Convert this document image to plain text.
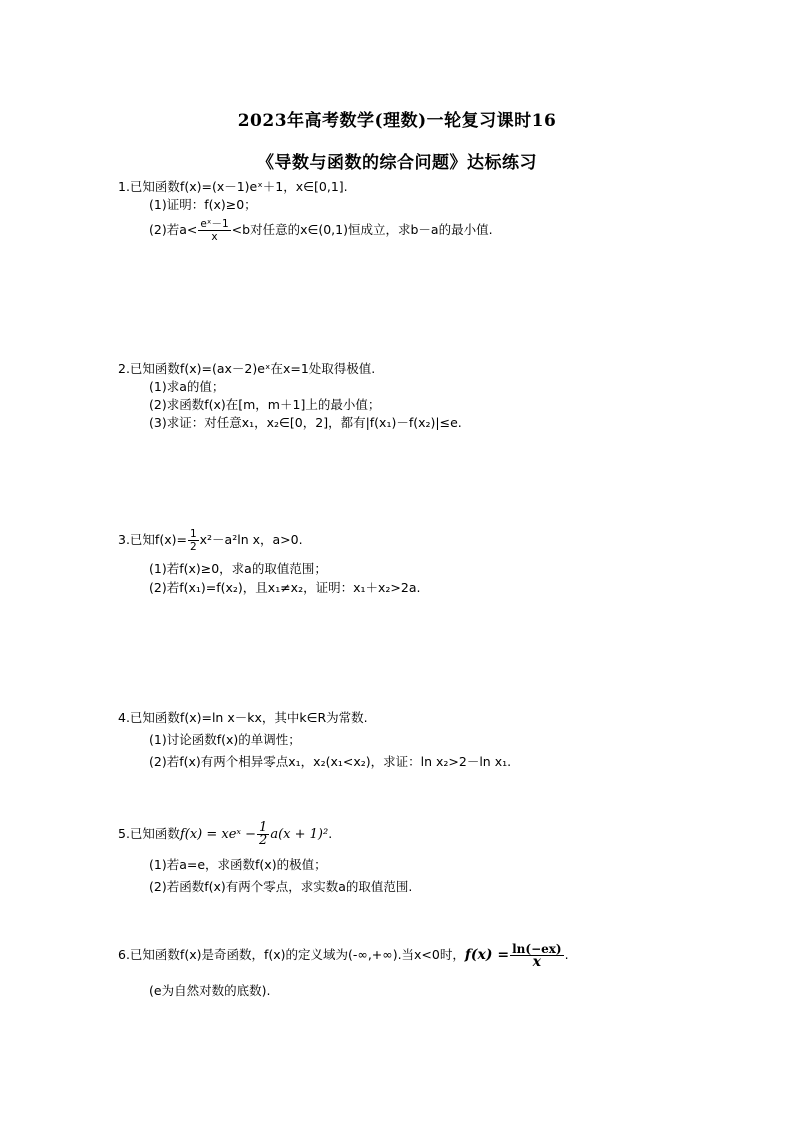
2023年高考数学(理数)一轮复习课时16
《导数与函数的综合问题》达标练习
1.已知函数f(x)=(x－1)eˣ＋1，x∈[0,1].
(1)证明：f(x)≥0；
(2)若$a< \frac{\text{eˣ－1}}{x} <b$对任意的x∈(0,1)恒成立，求b－a的最小值.
2.已知函数f(x)=(ax－2)eˣ在x=1处取得极值.
(1)求a的值；
(2)求函数f(x)在[m，m＋1]上的最小值；
(3)求证：对任意x₁，x₂∈[0，2]，都有|f(x₁)－f(x₂)|≤e.
3.已知$f(x)= \frac{1}{2} x^2-a^2\ln$ x，a>0.
(1)若f(x)≥0，求a的取值范围；
(2)若f(x₁)=f(x₂)，且x₁≠x₂，证明：x₁＋x₂>2a.
4.已知函数f(x)=ln x－kx，其中k∈R为常数.
(1)讨论函数f(x)的单调性；
(2)若f(x)有两个相异零点x₁，x₂(x₁<x₂)，求证：ln x₂>2－ln x₁.
5.已知函数f(x) = xeˣ − $\frac{1}{2} a(x + 1)^2$.
(1)若a=e，求函数f(x)的极值；
(2)若函数f(x)有两个零点，求实数a的取值范围.
6.已知函数f(x)是奇函数，f(x)的定义域为(-∞,+∞).当x<0时，$f(x) = \frac{\ln(-ex)}{x}$ .
(e为自然对数的底数).
